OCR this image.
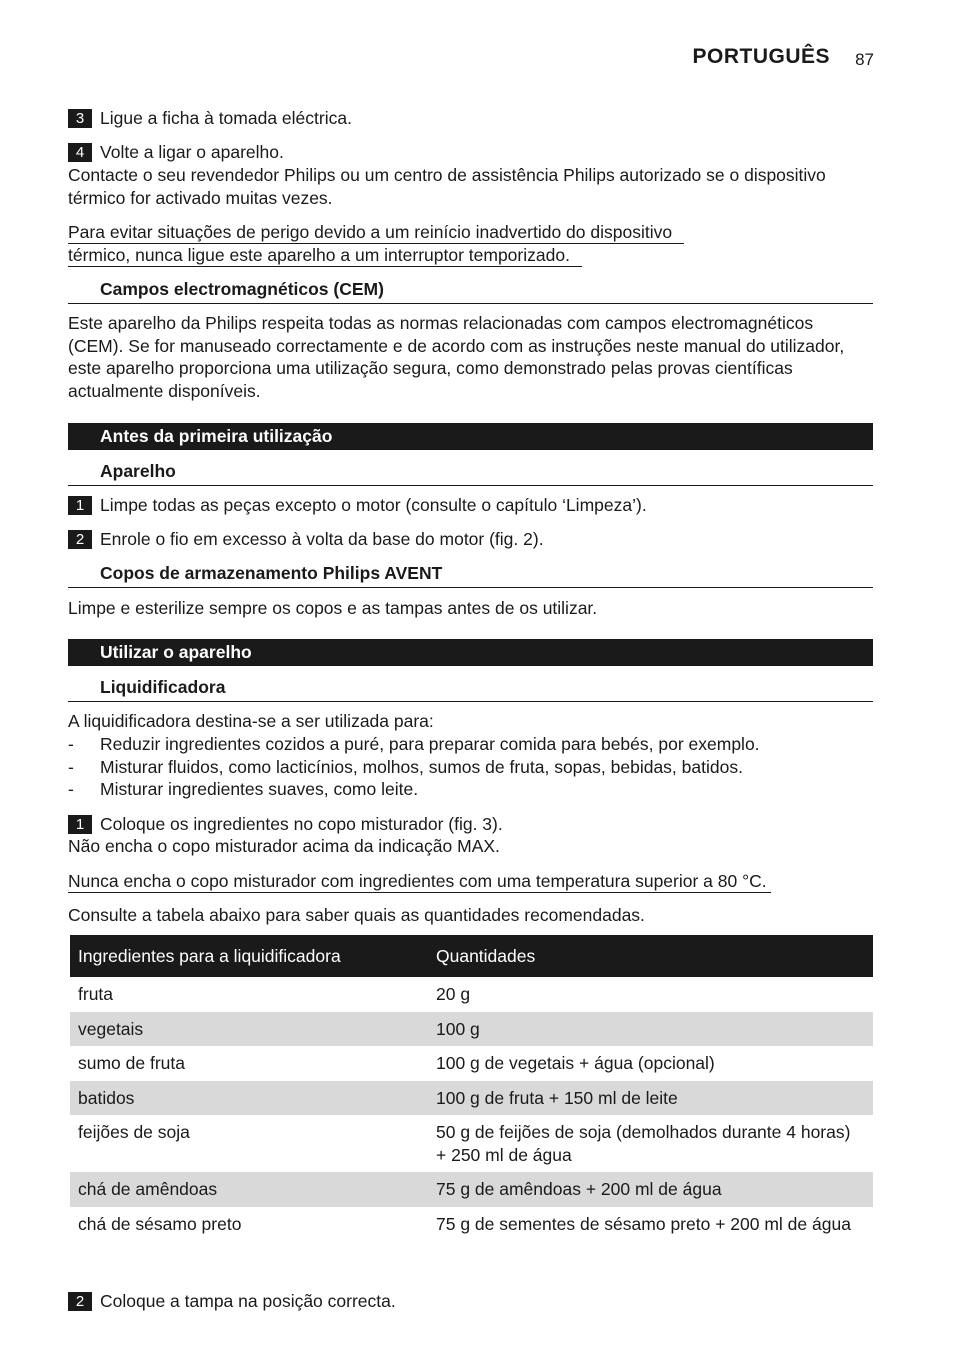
PORTUGUÊS 87
3 Ligue a ficha à tomada eléctrica.
4 Volte a ligar o aparelho.
Contacte o seu revendedor Philips ou um centro de assistência Philips autorizado se o dispositivo térmico for activado muitas vezes.
Para evitar situações de perigo devido a um reinício inadvertido do dispositivo
térmico, nunca ligue este aparelho a um interruptor temporizado.
Campos electromagnéticos (CEM)
Este aparelho da Philips respeita todas as normas relacionadas com campos electromagnéticos (CEM). Se for manuseado correctamente e de acordo com as instruções neste manual do utilizador, este aparelho proporciona uma utilização segura, como demonstrado pelas provas científicas actualmente disponíveis.
Antes da primeira utilização
Aparelho
1 Limpe todas as peças excepto o motor (consulte o capítulo ‘Limpeza’).
2 Enrole o fio em excesso à volta da base do motor (fig. 2).
Copos de armazenamento Philips AVENT
Limpe e esterilize sempre os copos e as tampas antes de os utilizar.
Utilizar o aparelho
Liquidificadora
A liquidificadora destina-se a ser utilizada para:
- Reduzir ingredientes cozidos a puré, para preparar comida para bebés, por exemplo.
- Misturar fluidos, como lacticínios, molhos, sumos de fruta, sopas, bebidas, batidos.
- Misturar ingredientes suaves, como leite.
1 Coloque os ingredientes no copo misturador (fig. 3).
Não encha o copo misturador acima da indicação MAX.
Nunca encha o copo misturador com ingredientes com uma temperatura superior a 80 °C.
Consulte a tabela abaixo para saber quais as quantidades recomendadas.
Ingredientes para a liquidificadora	Quantidades
fruta	20 g
vegetais	100 g
sumo de fruta	100 g de vegetais + água (opcional)
batidos	100 g de fruta + 150 ml de leite
feijões de soja	50 g de feijões de soja (demolhados durante 4 horas) + 250 ml de água
chá de amêndoas	75 g de amêndoas + 200 ml de água
chá de sésamo preto	75 g de sementes de sésamo preto + 200 ml de água
2 Coloque a tampa na posição correcta.
